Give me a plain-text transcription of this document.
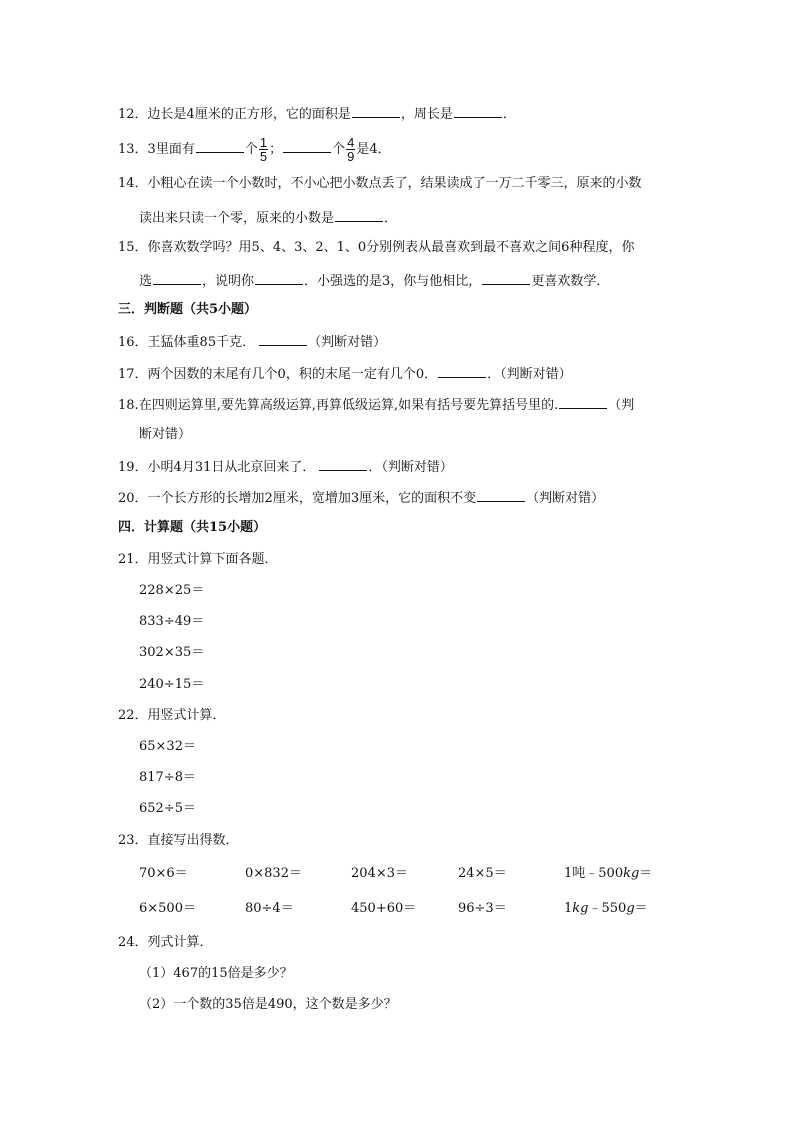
12．边长是4厘米的正方形，它的面积是	，周长是	．
13．3里面有	个 $\frac{1}{5}$ ；	个 $\frac{4}{9}$ 是4．
14．小粗心在读一个小数时，不小心把小数点丢了，结果读成了一万二千零三，原来的小数
读出来只读一个零，原来的小数是	．
15．你喜欢数学吗？用5、4、3、2、1、0分别例表从最喜欢到最不喜欢之间6种程度，你
选	，说明你	．小强选的是3，你与他相比，	更喜欢数学．
三．判断题（共5小题）
16．王猛体重85千克．	（判断对错）
17．两个因数的末尾有几个0，积的末尾一定有几个0．	．（判断对错）
18.在四则运算里,要先算高级运算,再算低级运算,如果有括号要先算括号里的.	（判
断对错）
19．小明4月31日从北京回来了．	．（判断对错）
20．一个长方形的长增加2厘米，宽增加3厘米，它的面积不变	（判断对错）
四．计算题（共15小题）
21．用竖式计算下面各题．
228×25＝
833÷49＝
302×35＝
240÷15＝
22．用竖式计算．
65×32＝
817÷8＝
652÷5＝
23．直接写出得数．
70×6＝	0×832＝	204×3＝	24×5＝	1吨﹣500kg＝
6×500＝	80÷4＝	450+60＝	96÷3＝	1kg﹣550g＝
24．列式计算．
（1）467的15倍是多少？
（2）一个数的35倍是490，这个数是多少？
